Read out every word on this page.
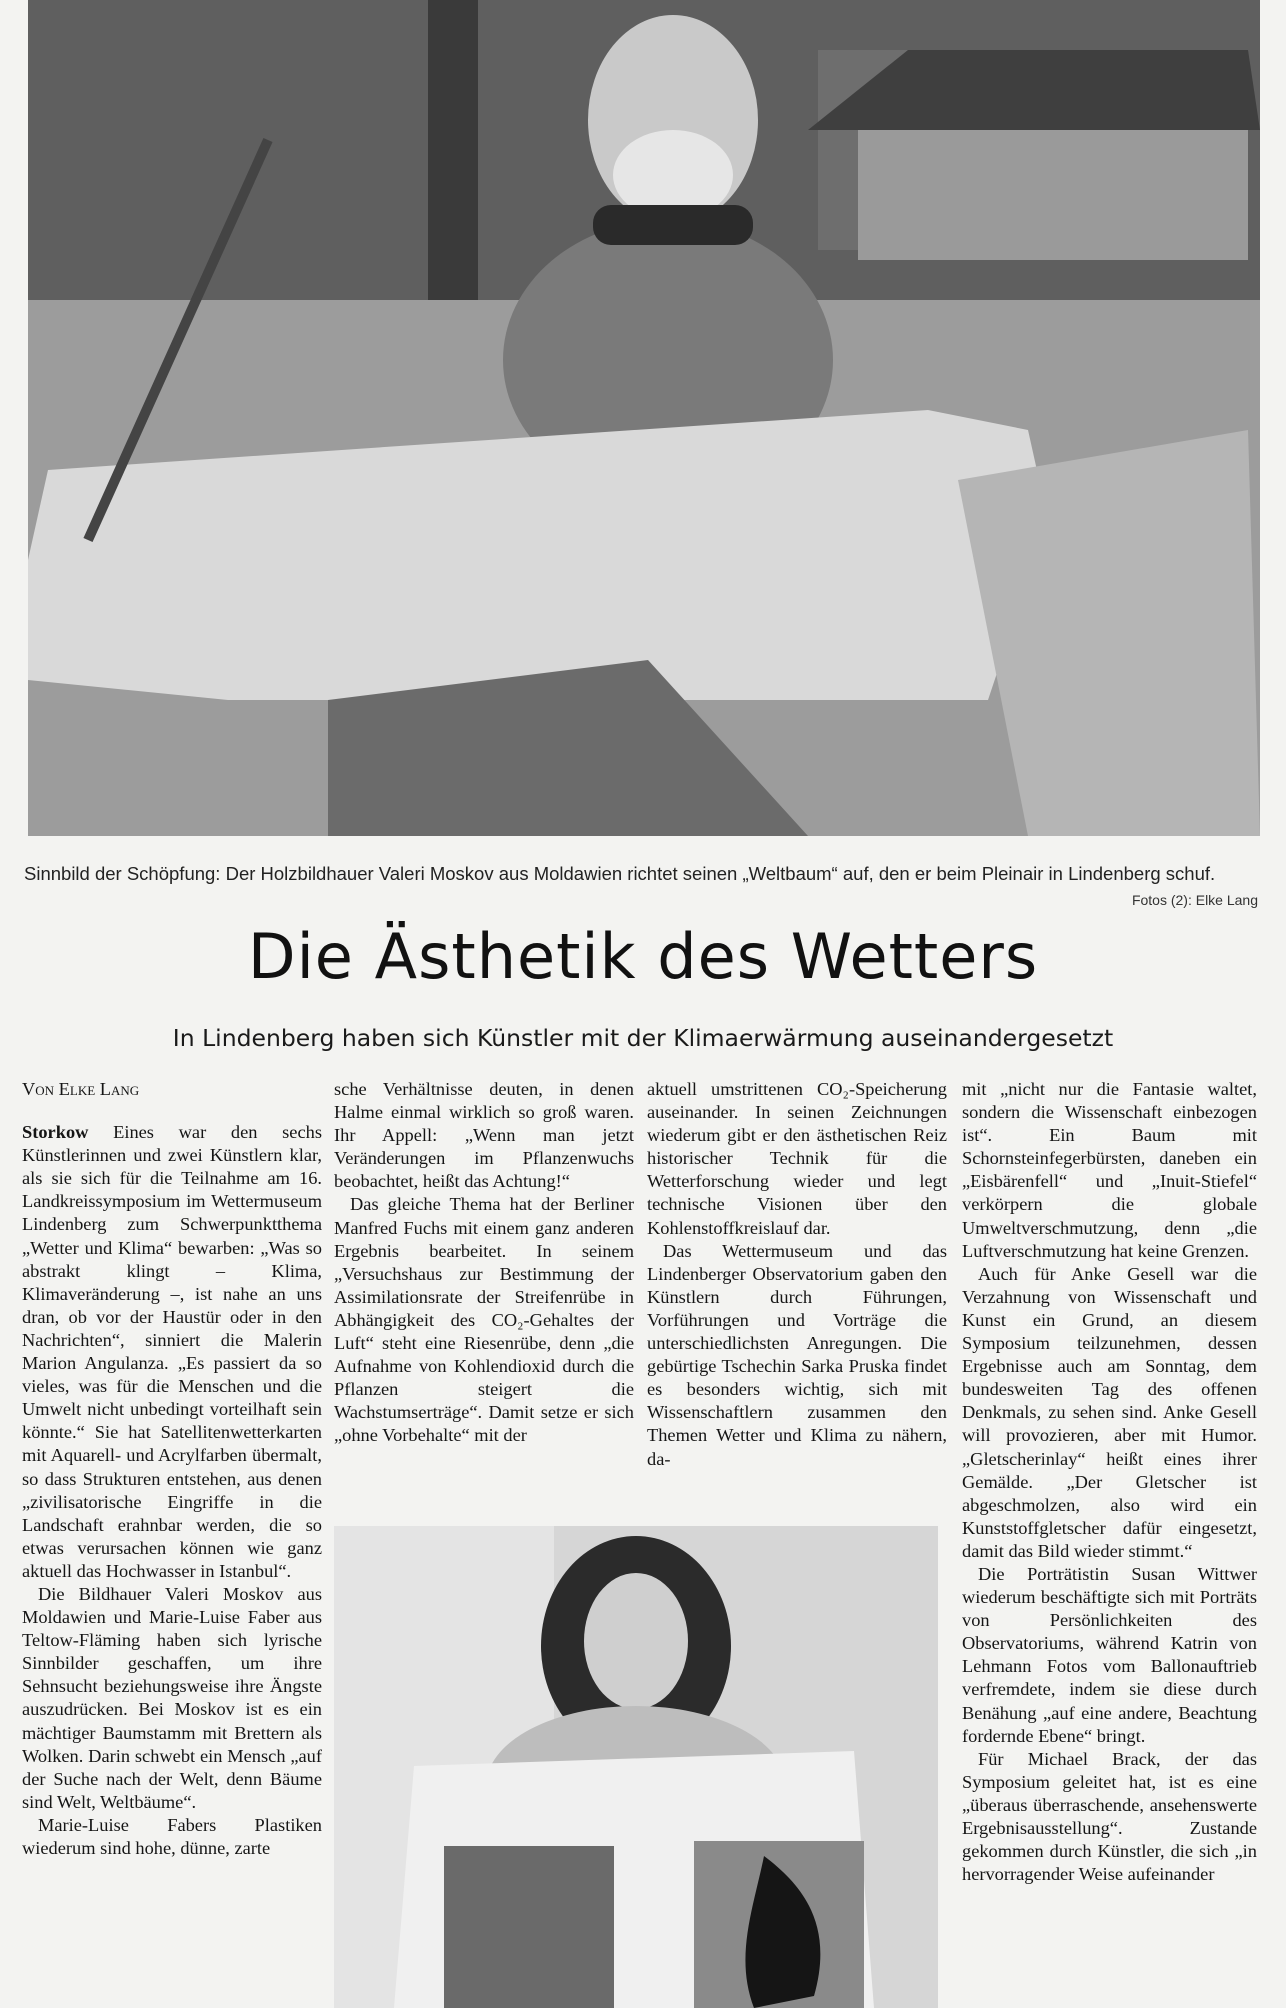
Sinnbild der Schöpfung: Der Holzbildhauer Valeri Moskov aus Moldawien richtet seinen „Weltbaum“ auf, den er beim Pleinair in Lindenberg schuf.
Fotos (2): Elke Lang
Die Ästhetik des Wetters
In Lindenberg haben sich Künstler mit der Klimaerwärmung auseinandergesetzt

Von Elke Lang

Storkow Eines war den sechs Künstlerinnen und zwei Künstlern klar, als sie sich für die Teilnahme am 16. Landkreissymposium im Wettermuseum Lindenberg zum Schwerpunktthema „Wetter und Klima“ bewarben: „Was so abstrakt klingt – Klima, Klimaveränderung –, ist nahe an uns dran, ob vor der Haustür oder in den Nachrichten“, sinniert die Malerin Marion Angulanza. „Es passiert da so vieles, was für die Menschen und die Umwelt nicht unbedingt vorteilhaft sein könnte.“ Sie hat Satellitenwetterkarten mit Aquarell- und Acrylfarben übermalt, so dass Strukturen entstehen, aus denen „zivilisatorische Eingriffe in die Landschaft erahnbar werden, die so etwas verursachen können wie ganz aktuell das Hochwasser in Istanbul“.

Die Bildhauer Valeri Moskov aus Moldawien und Marie-Luise Faber aus Teltow-Fläming haben sich lyrische Sinnbilder geschaffen, um ihre Sehnsucht beziehungsweise ihre Ängste auszudrücken. Bei Moskov ist es ein mächtiger Baumstamm mit Brettern als Wolken. Darin schwebt ein Mensch „auf der Suche nach der Welt, denn Bäume sind Welt, Weltbäume“.

Marie-Luise Fabers Plastiken wiederum sind hohe, dünne, zarte

sche Verhältnisse deuten, in denen Halme einmal wirklich so groß waren. Ihr Appell: „Wenn man jetzt Veränderungen im Pflanzenwuchs beobachtet, heißt das Achtung!“

Das gleiche Thema hat der Berliner Manfred Fuchs mit einem ganz anderen Ergebnis bearbeitet. In seinem „Versuchshaus zur Bestimmung der Assimilationsrate der Streifenrübe in Abhängigkeit des CO₂-Gehaltes der Luft“ steht eine Riesenrübe, denn „die Aufnahme von Kohlendioxid durch die Pflanzen steigert die Wachstumserträge“. Damit setze er sich „ohne Vorbehalte“ mit der

aktuell umstrittenen CO₂-Speicherung auseinander. In seinen Zeichnungen wiederum gibt er den ästhetischen Reiz historischer Technik für die Wetterforschung wieder und legt technische Visionen über den Kohlenstoffkreislauf dar.

Das Wettermuseum und das Lindenberger Observatorium gaben den Künstlern durch Führungen, Vorführungen und Vorträge die unterschiedlichsten Anregungen. Die gebürtige Tschechin Sarka Pruska findet es besonders wichtig, sich mit Wissenschaftlern zusammen den Themen Wetter und Klima zu nähern, da-

mit „nicht nur die Fantasie waltet, sondern die Wissenschaft einbezogen ist“. Ein Baum mit Schornsteinfegerbürsten, daneben ein „Eisbärenfell“ und „Inuit-Stiefel“ verkörpern die globale Umweltverschmutzung, denn „die Luftverschmutzung hat keine Grenzen.

Auch für Anke Gesell war die Verzahnung von Wissenschaft und Kunst ein Grund, an diesem Symposium teilzunehmen, dessen Ergebnisse auch am Sonntag, dem bundesweiten Tag des offenen Denkmals, zu sehen sind. Anke Gesell will provozieren, aber mit Humor. „Gletscherinlay“ heißt eines ihrer Gemälde. „Der Gletscher ist abgeschmolzen, also wird ein Kunststoffgletscher dafür eingesetzt, damit das Bild wieder stimmt.“

Die Porträtistin Susan Wittwer wiederum beschäftigte sich mit Porträts von Persönlichkeiten des Observatoriums, während Katrin von Lehmann Fotos vom Ballonauftrieb verfremdete, indem sie diese durch Benähung „auf eine andere, Beachtung fordernde Ebene“ bringt.

Für Michael Brack, der das Symposium geleitet hat, ist es eine „überaus überraschende, ansehenswerte Ergebnisausstellung“. Zustande gekommen durch Künstler, die sich „in hervorragender Weise aufeinander
